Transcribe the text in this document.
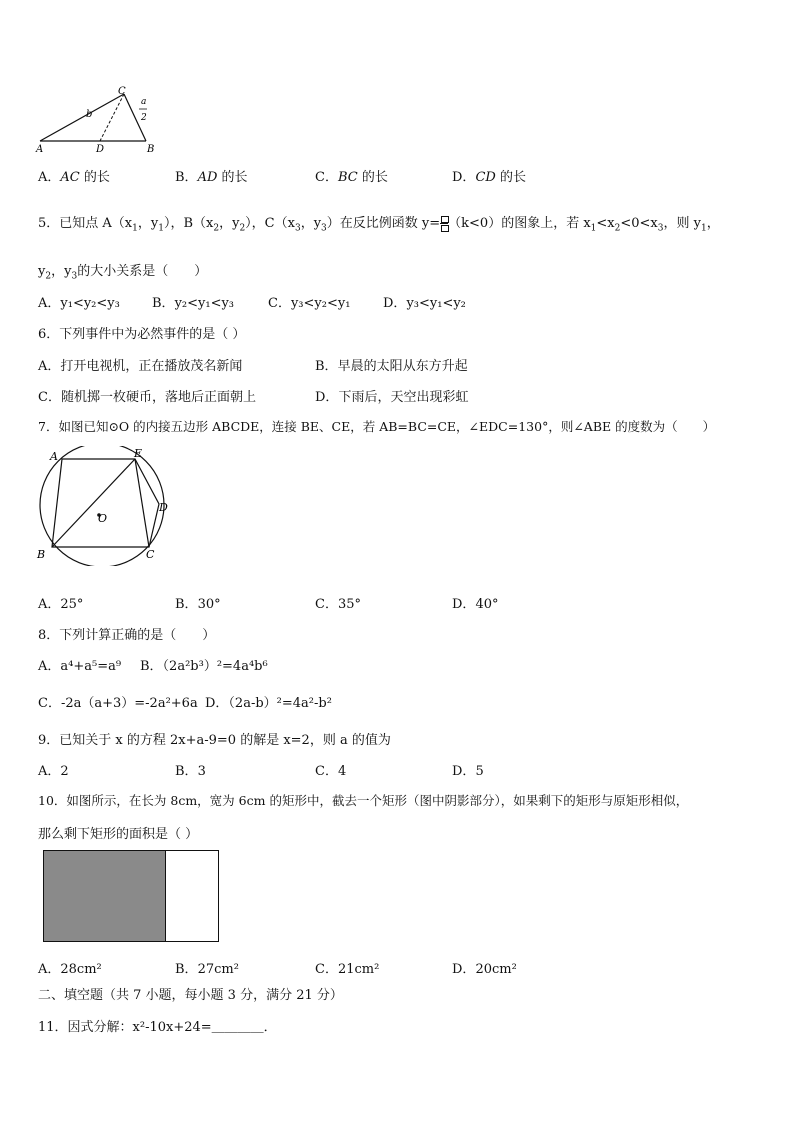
A	B
C
D
b
a
2
A．AC 的长	B．AD 的长	C．BC 的长	D．CD 的长
5．已知点 $A(x_1$，$y_1$），$B(x_2$，$y_2$），$C(x_3$，$y_3$）在反比例函数 y= （k<0）的图象上，若 $x_1<x_2<0<x_3$，则 $y_1$，
$y_2$，$y_3$的大小关系是（　　）
A．y₁<y₂<y₃ B．y₂<y₁<y₃	C．y₃<y₂<y₁	D．y₃<y₁<y₂
6．下列事件中为必然事件的是（ ）
A．打开电视机，正在播放茂名新闻	B．早晨的太阳从东方升起
C．随机掷一枚硬币，落地后正面朝上	D．下雨后，天空出现彩虹
7．如图已知⊙O 的内接五边形 ABCDE，连接 BE、CE，若 AB=BC=CE，∠EDC=130°，则∠ABE 的度数为（　　）
A	E
D
C
B
O
A．25°	B．30°	C．35°	D．40°
8．下列计算正确的是（　　）
A．a⁴+a⁵=a⁹ B．（2a²b³）²=4a⁴b⁶
C．-2a（a+3）=-2a²+6a D．（2a-b）²=4a²-b²
9．已知关于 x 的方程 2x+a-9=0 的解是 x=2，则 a 的值为
A．2	B．3	C．4	D．5
10．如图所示，在长为 8cm，宽为 6cm 的矩形中，截去一个矩形（图中阴影部分），如果剩下的矩形与原矩形相似，
那么剩下矩形的面积是（ ）
A．28cm²	B．27cm²	C．21cm²	D．20cm²
二、填空题（共 7 小题，每小题 3 分，满分 21 分）
11．因式分解：x²-10x+24=＿＿＿＿．
